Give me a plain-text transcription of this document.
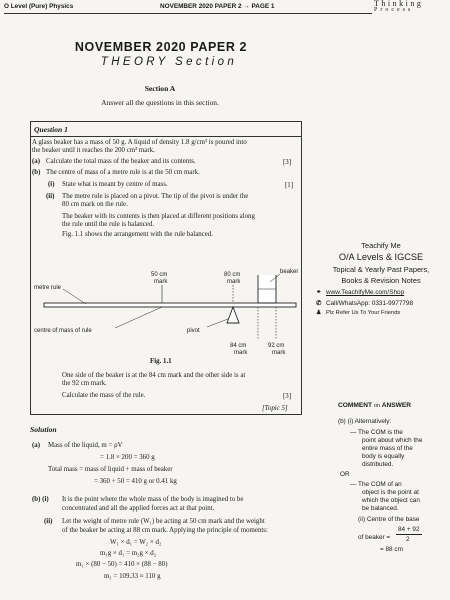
O Level (Pure) Physics	NOVEMBER 2020 PAPER 2 → PAGE 1	Thinking
Process
NOVEMBER 2020 PAPER 2
THEORY Section
Section A
Answer all the questions in this section.
Question 1
A glass beaker has a mass of 50 g. A liquid of density 1.8 g/cm³ is poured into
the beaker until it reaches the 200 cm³ mark.
(a) Calculate the total mass of the beaker and its contents.	[3]
(b) The centre of mass of a metre rule is at the 50 cm mark.
(i) State what is meant by centre of mass.	[1]
(ii) The metre rule is placed on a pivot. The tip of the pivot is under the
80 cm mark on the rule.
The beaker with its contents is then placed at different positions along
the rule until the rule is balanced.
Fig. 1.1 shows the arrangement with the rule balanced.
50 cm
mark
80 cm
mark
beaker
metre rule
centre of mass of rule	pivot
84 cm
mark
92 cm
mark
Fig. 1.1
One side of the beaker is at the 84 cm mark and the other side is at
the 92 cm mark.
Calculate the mass of the rule.	[3]
[Topic 5]
Teachify Me
O/A Levels & IGCSE
Topical & Yearly Past Papers,
Books & Revision Notes
⚭ www.TeachifyMe.com/Shop
✆ Call/WhatsApp: 0331-9977798
♟ Plz Refer Us To Your Friends
COMMENT on ANSWER
(b) (i) Alternatively:
— The COM is the
point about which the
entire mass of the
body is equally
distributed.
OR
— The COM of an
object is the point at
which the object can
be balanced.
(ii) Centre of the base
of beaker =
84 + 92
2
= 88 cm
Solution
(a) Mass of the liquid, m = ρV
= 1.8 × 200 = 360 g
Total mass = mass of liquid + mass of beaker
= 360 + 50 = 410 g or 0.41 kg
(b) (i) It is the point where the whole mass of the body is imagined to be
concentrated and all the applied forces act at that point.
(ii) Let the weight of metre rule (W₁) be acting at 50 cm mark and the weight
of the beaker be acting at 88 cm mark. Applying the principle of moments:
W₁ × d₁ = W₂ × d₂
m₁g × d₁ = m₂g × d₂
m₁ × (80 − 50) = 410 × (88 − 80)
m₁ = 109.33 ≈ 110 g
